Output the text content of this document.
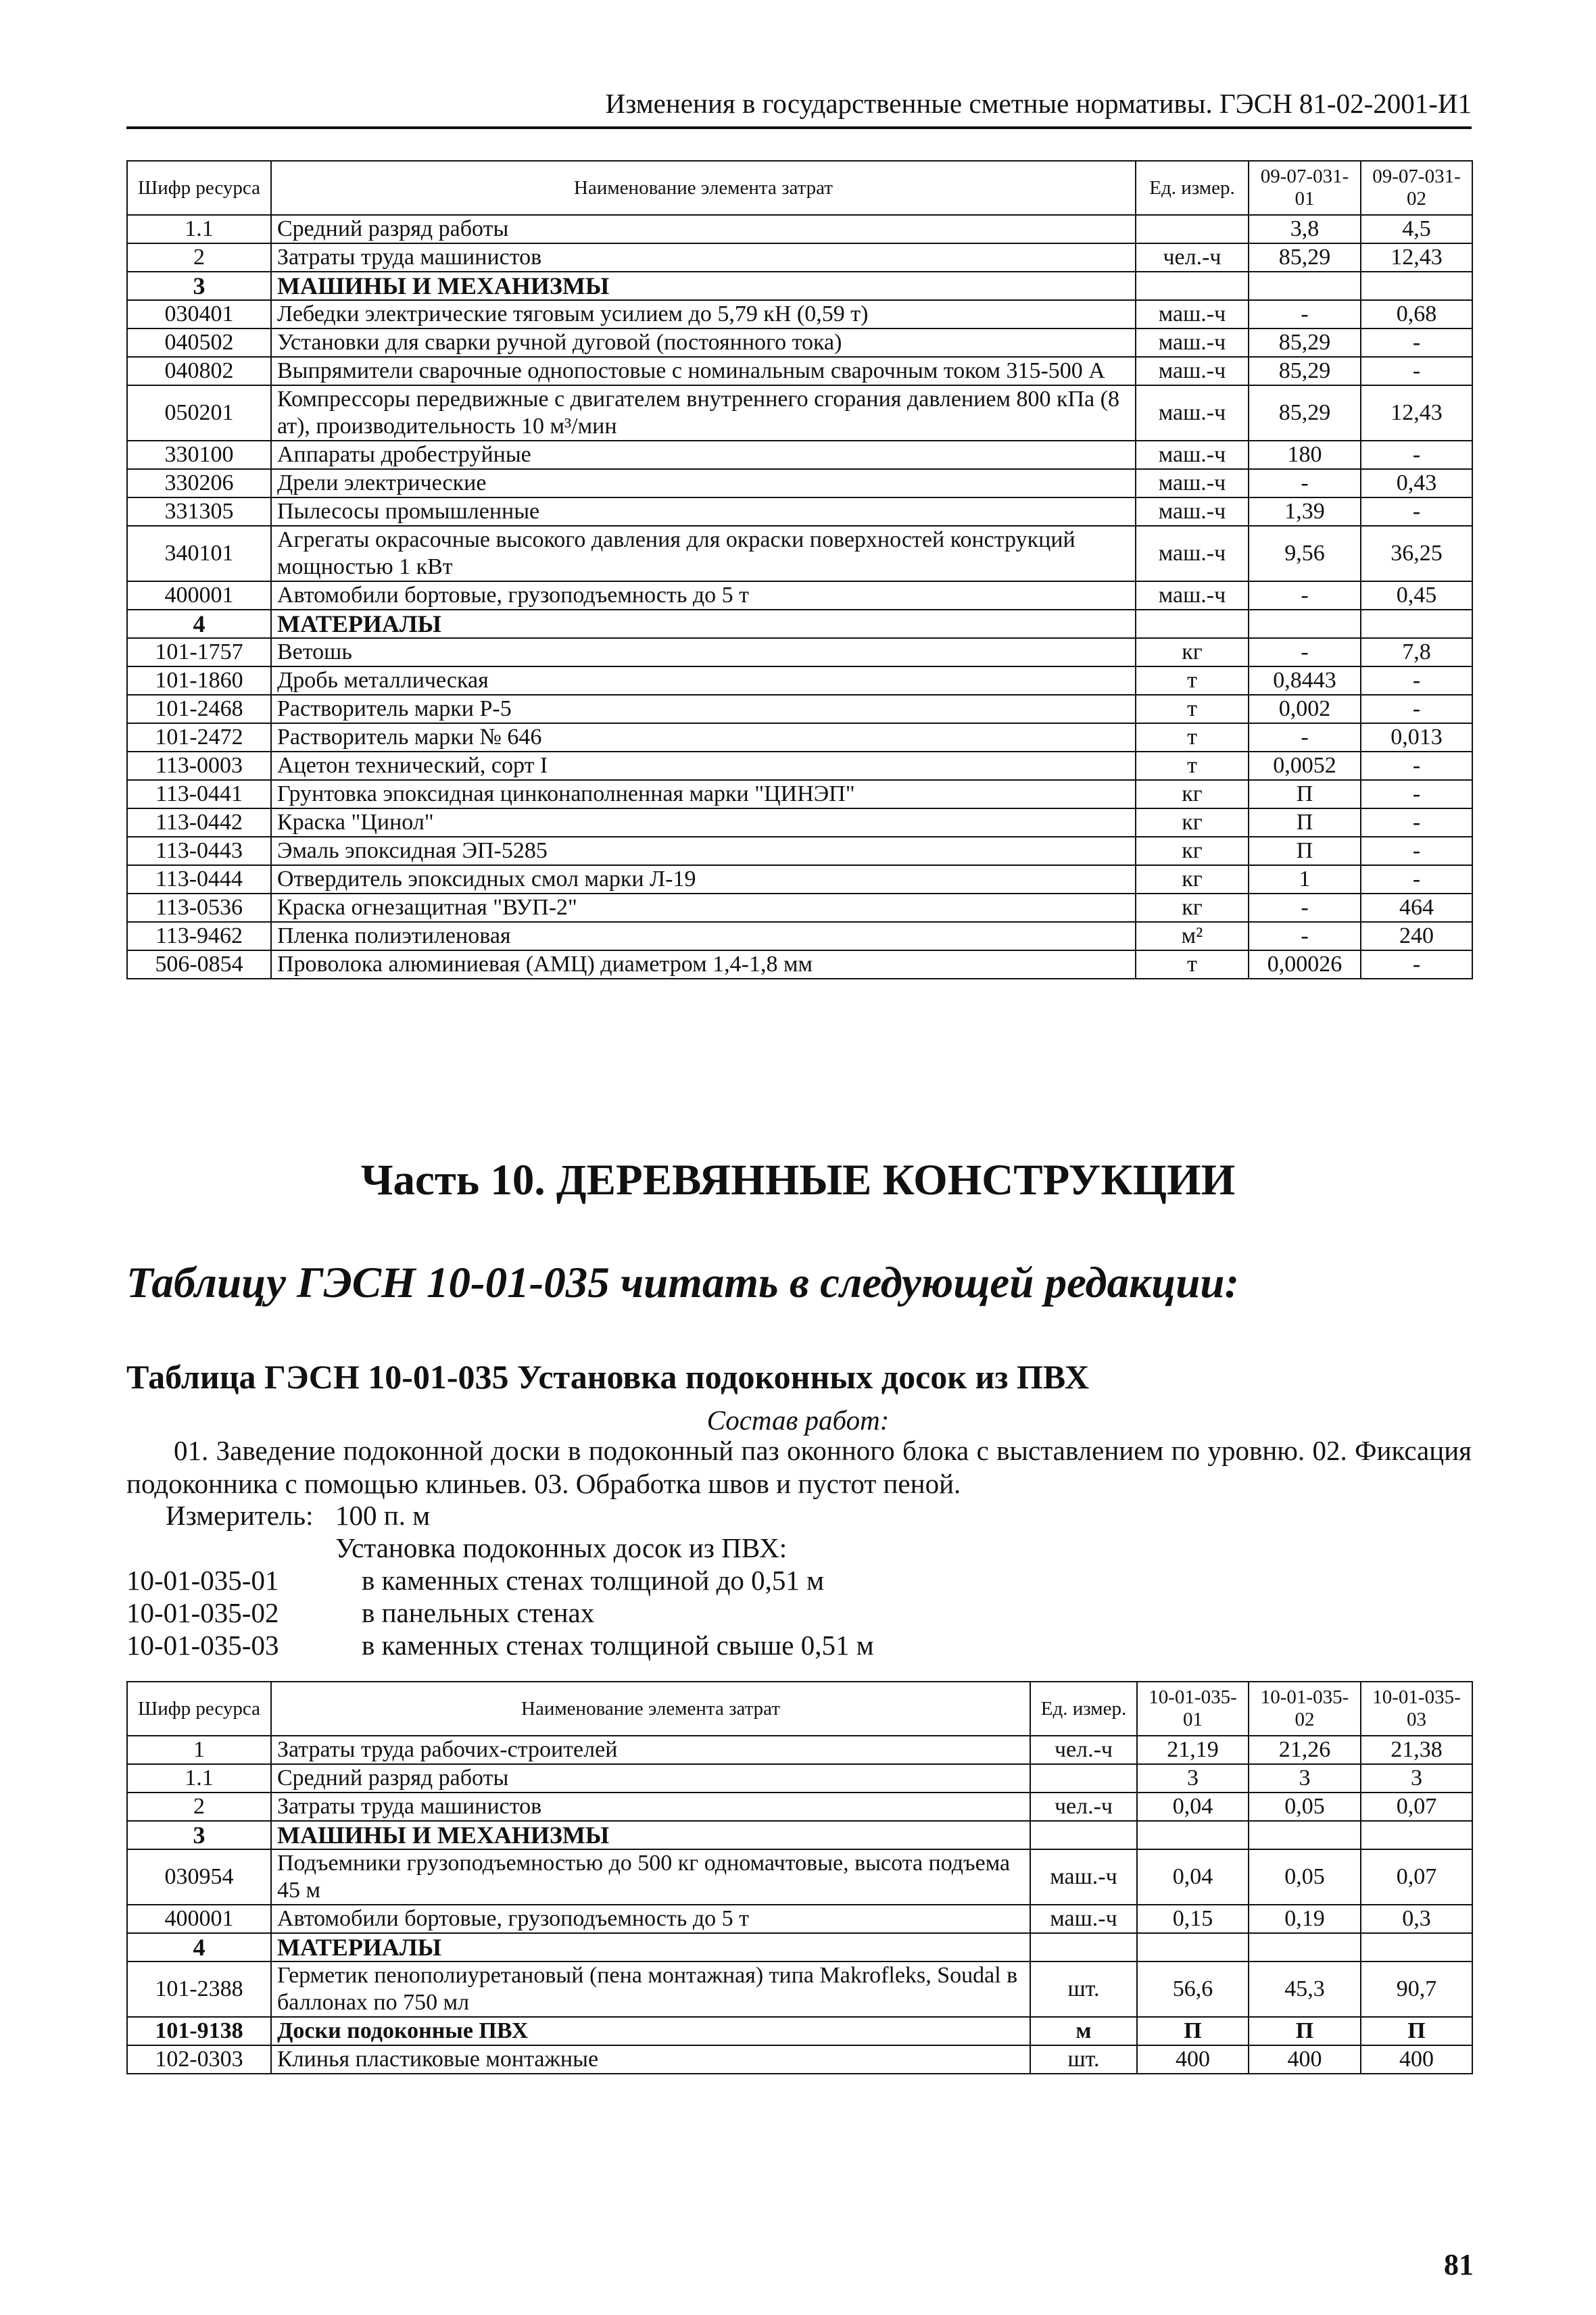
Изменения в государственные сметные нормативы. ГЭСН 81-02-2001-И1
Шифр ресурса	Наименование элемента затрат	Ед. измер.	09-07-031-01	09-07-031-02

1.1	Средний разряд работы		3,8	4,5
2	Затраты труда машинистов	чел.-ч	85,29	12,43
3	МАШИНЫ И МЕХАНИЗМЫ			
030401	Лебедки электрические тяговым усилием до 5,79 кН (0,59 т)	маш.-ч	-	0,68
040502	Установки для сварки ручной дуговой (постоянного тока)	маш.-ч	85,29	-
040802	Выпрямители сварочные однопостовые с номинальным сварочным током 315-500 А	маш.-ч	85,29	-
050201	Компрессоры передвижные с двигателем внутреннего сгорания давлением 800 кПа (8 ат), производительность 10 м³/мин	маш.-ч	85,29	12,43
330100	Аппараты дробеструйные	маш.-ч	180	-
330206	Дрели электрические	маш.-ч	-	0,43
331305	Пылесосы промышленные	маш.-ч	1,39	-
340101	Агрегаты окрасочные высокого давления для окраски поверхностей конструкций мощностью 1 кВт	маш.-ч	9,56	36,25
400001	Автомобили бортовые, грузоподъемность до 5 т	маш.-ч	-	0,45
4	МАТЕРИАЛЫ			
101-1757	Ветошь	кг	-	7,8
101-1860	Дробь металлическая	т	0,8443	-
101-2468	Растворитель марки Р-5	т	0,002	-
101-2472	Растворитель марки № 646	т	-	0,013
113-0003	Ацетон технический, сорт I	т	0,0052	-
113-0441	Грунтовка эпоксидная цинконаполненная марки "ЦИНЭП"	кг	П	-
113-0442	Краска "Цинол"	кг	П	-
113-0443	Эмаль эпоксидная ЭП-5285	кг	П	-
113-0444	Отвердитель эпоксидных смол марки Л-19	кг	1	-
113-0536	Краска огнезащитная "ВУП-2"	кг	-	464
113-9462	Пленка полиэтиленовая	м²	-	240
506-0854	Проволока алюминиевая (АМЦ) диаметром 1,4-1,8 мм	т	0,00026	-
Часть 10. ДЕРЕВЯННЫЕ КОНСТРУКЦИИ
Таблицу ГЭСН 10-01-035 читать в следующей редакции:
Таблица ГЭСН 10-01-035 Установка подоконных досок из ПВХ
Состав работ:
01. Заведение подоконной доски в подоконный паз оконного блока с выставлением по уровню. 02. Фиксация подоконника с помощью клиньев. 03. Обработка швов и пустот пеной.
Измеритель: 100 п. м
Установка подоконных досок из ПВХ:
10-01-035-01	в каменных стенах толщиной до 0,51 м
10-01-035-02	в панельных стенах
10-01-035-03	в каменных стенах толщиной свыше 0,51 м
Шифр ресурса	Наименование элемента затрат	Ед. измер.	10-01-035-01	10-01-035-02	10-01-035-03

1	Затраты труда рабочих-строителей	чел.-ч	21,19	21,26	21,38
1.1	Средний разряд работы		3	3	3
2	Затраты труда машинистов	чел.-ч	0,04	0,05	0,07
3	МАШИНЫ И МЕХАНИЗМЫ				
030954	Подъемники грузоподъемностью до 500 кг одномачтовые, высота подъема 45 м	маш.-ч	0,04	0,05	0,07
400001	Автомобили бортовые, грузоподъемность до 5 т	маш.-ч	0,15	0,19	0,3
4	МАТЕРИАЛЫ				
101-2388	Герметик пенополиуретановый (пена монтажная) типа Makroflеks, Soudal в баллонах по 750 мл	шт.	56,6	45,3	90,7
101-9138	Доски подоконные ПВХ	м	П	П	П
102-0303	Клинья пластиковые монтажные	шт.	400	400	400
81
